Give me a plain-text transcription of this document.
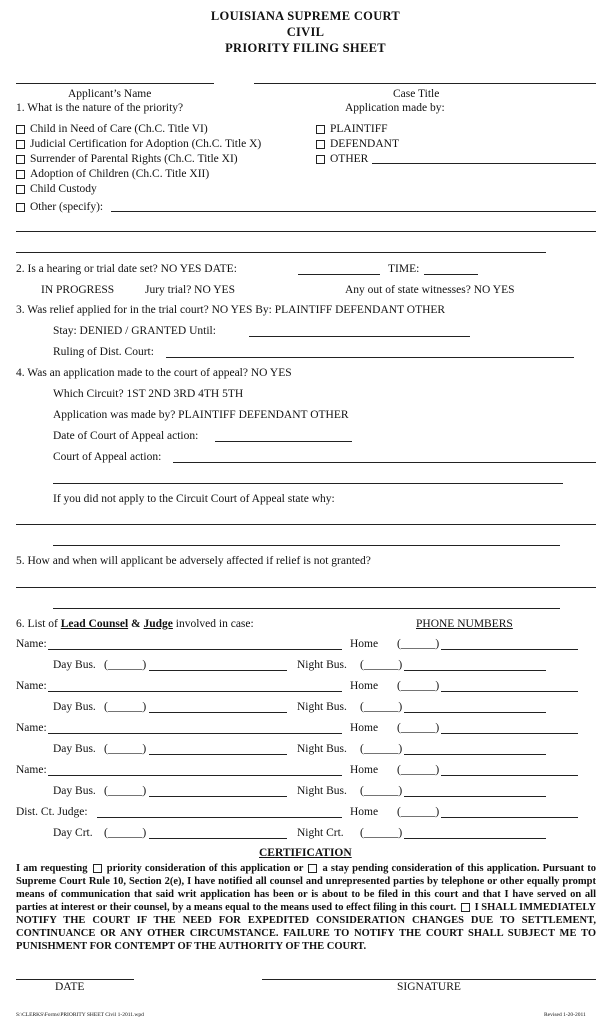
LOUISIANA SUPREME COURT
CIVIL
PRIORITY FILING SHEET
Applicant’s Name	Case Title
1. What is the nature of the priority?	Application made by:
Child in Need of Care (Ch.C. Title VI)
Judicial Certification for Adoption (Ch.C. Title X)
Surrender of Parental Rights (Ch.C. Title XI)
Adoption of Children (Ch.C. Title XII)
Child Custody
Other (specify):
PLAINTIFF
DEFENDANT
OTHER
2. Is a hearing or trial date set? NO YES DATE:	TIME:
IN PROGRESS	Jury trial? NO YES	Any out of state witnesses? NO YES
3. Was relief applied for in the trial court? NO YES By: PLAINTIFF DEFENDANT OTHER
Stay: DENIED / GRANTED Until:
Ruling of Dist. Court:
4. Was an application made to the court of appeal? NO YES
Which Circuit? 1ST 2ND 3RD 4TH 5TH
Application was made by? PLAINTIFF DEFENDANT OTHER
Date of Court of Appeal action:
Court of Appeal action:
If you did not apply to the Circuit Court of Appeal state why:
5. How and when will applicant be adversely affected if relief is not granted?
6. List of Lead Counsel & Judge involved in case:	PHONE NUMBERS
Name:	Home (______)
Day Bus. (______)	Night Bus. (______)
Name:	Home (______)
Day Bus. (______)	Night Bus. (______)
Name:	Home (______)
Day Bus. (______)	Night Bus. (______)
Name:	Home (______)
Day Bus. (______)	Night Bus. (______)
Dist. Ct. Judge:	Home (______)
Day Crt. (______)	Night Crt. (______)
CERTIFICATION
I am requesting priority consideration of this application or a stay pending consideration of this application. Pursuant to Supreme Court Rule 10, Section 2(e), I have notified all counsel and unrepresented parties by telephone or other equally prompt means of communication that said writ application has been or is about to be filed in this court and that I have served on all parties at interest or their counsel, by a means equal to the means used to effect filing in this court. I SHALL IMMEDIATELY NOTIFY THE COURT IF THE NEED FOR EXPEDITED CONSIDERATION CHANGES DUE TO SETTLEMENT, CONTINUANCE OR ANY OTHER CIRCUMSTANCE. FAILURE TO NOTIFY THE COURT SHALL SUBJECT ME TO PUNISHMENT FOR CONTEMPT OF THE AUTHORITY OF THE COURT.
DATE	SIGNATURE
S:\CLERKS\Forms\PRIORITY SHEET Civil 1-2011.wpd	Revised 1-20-2011
